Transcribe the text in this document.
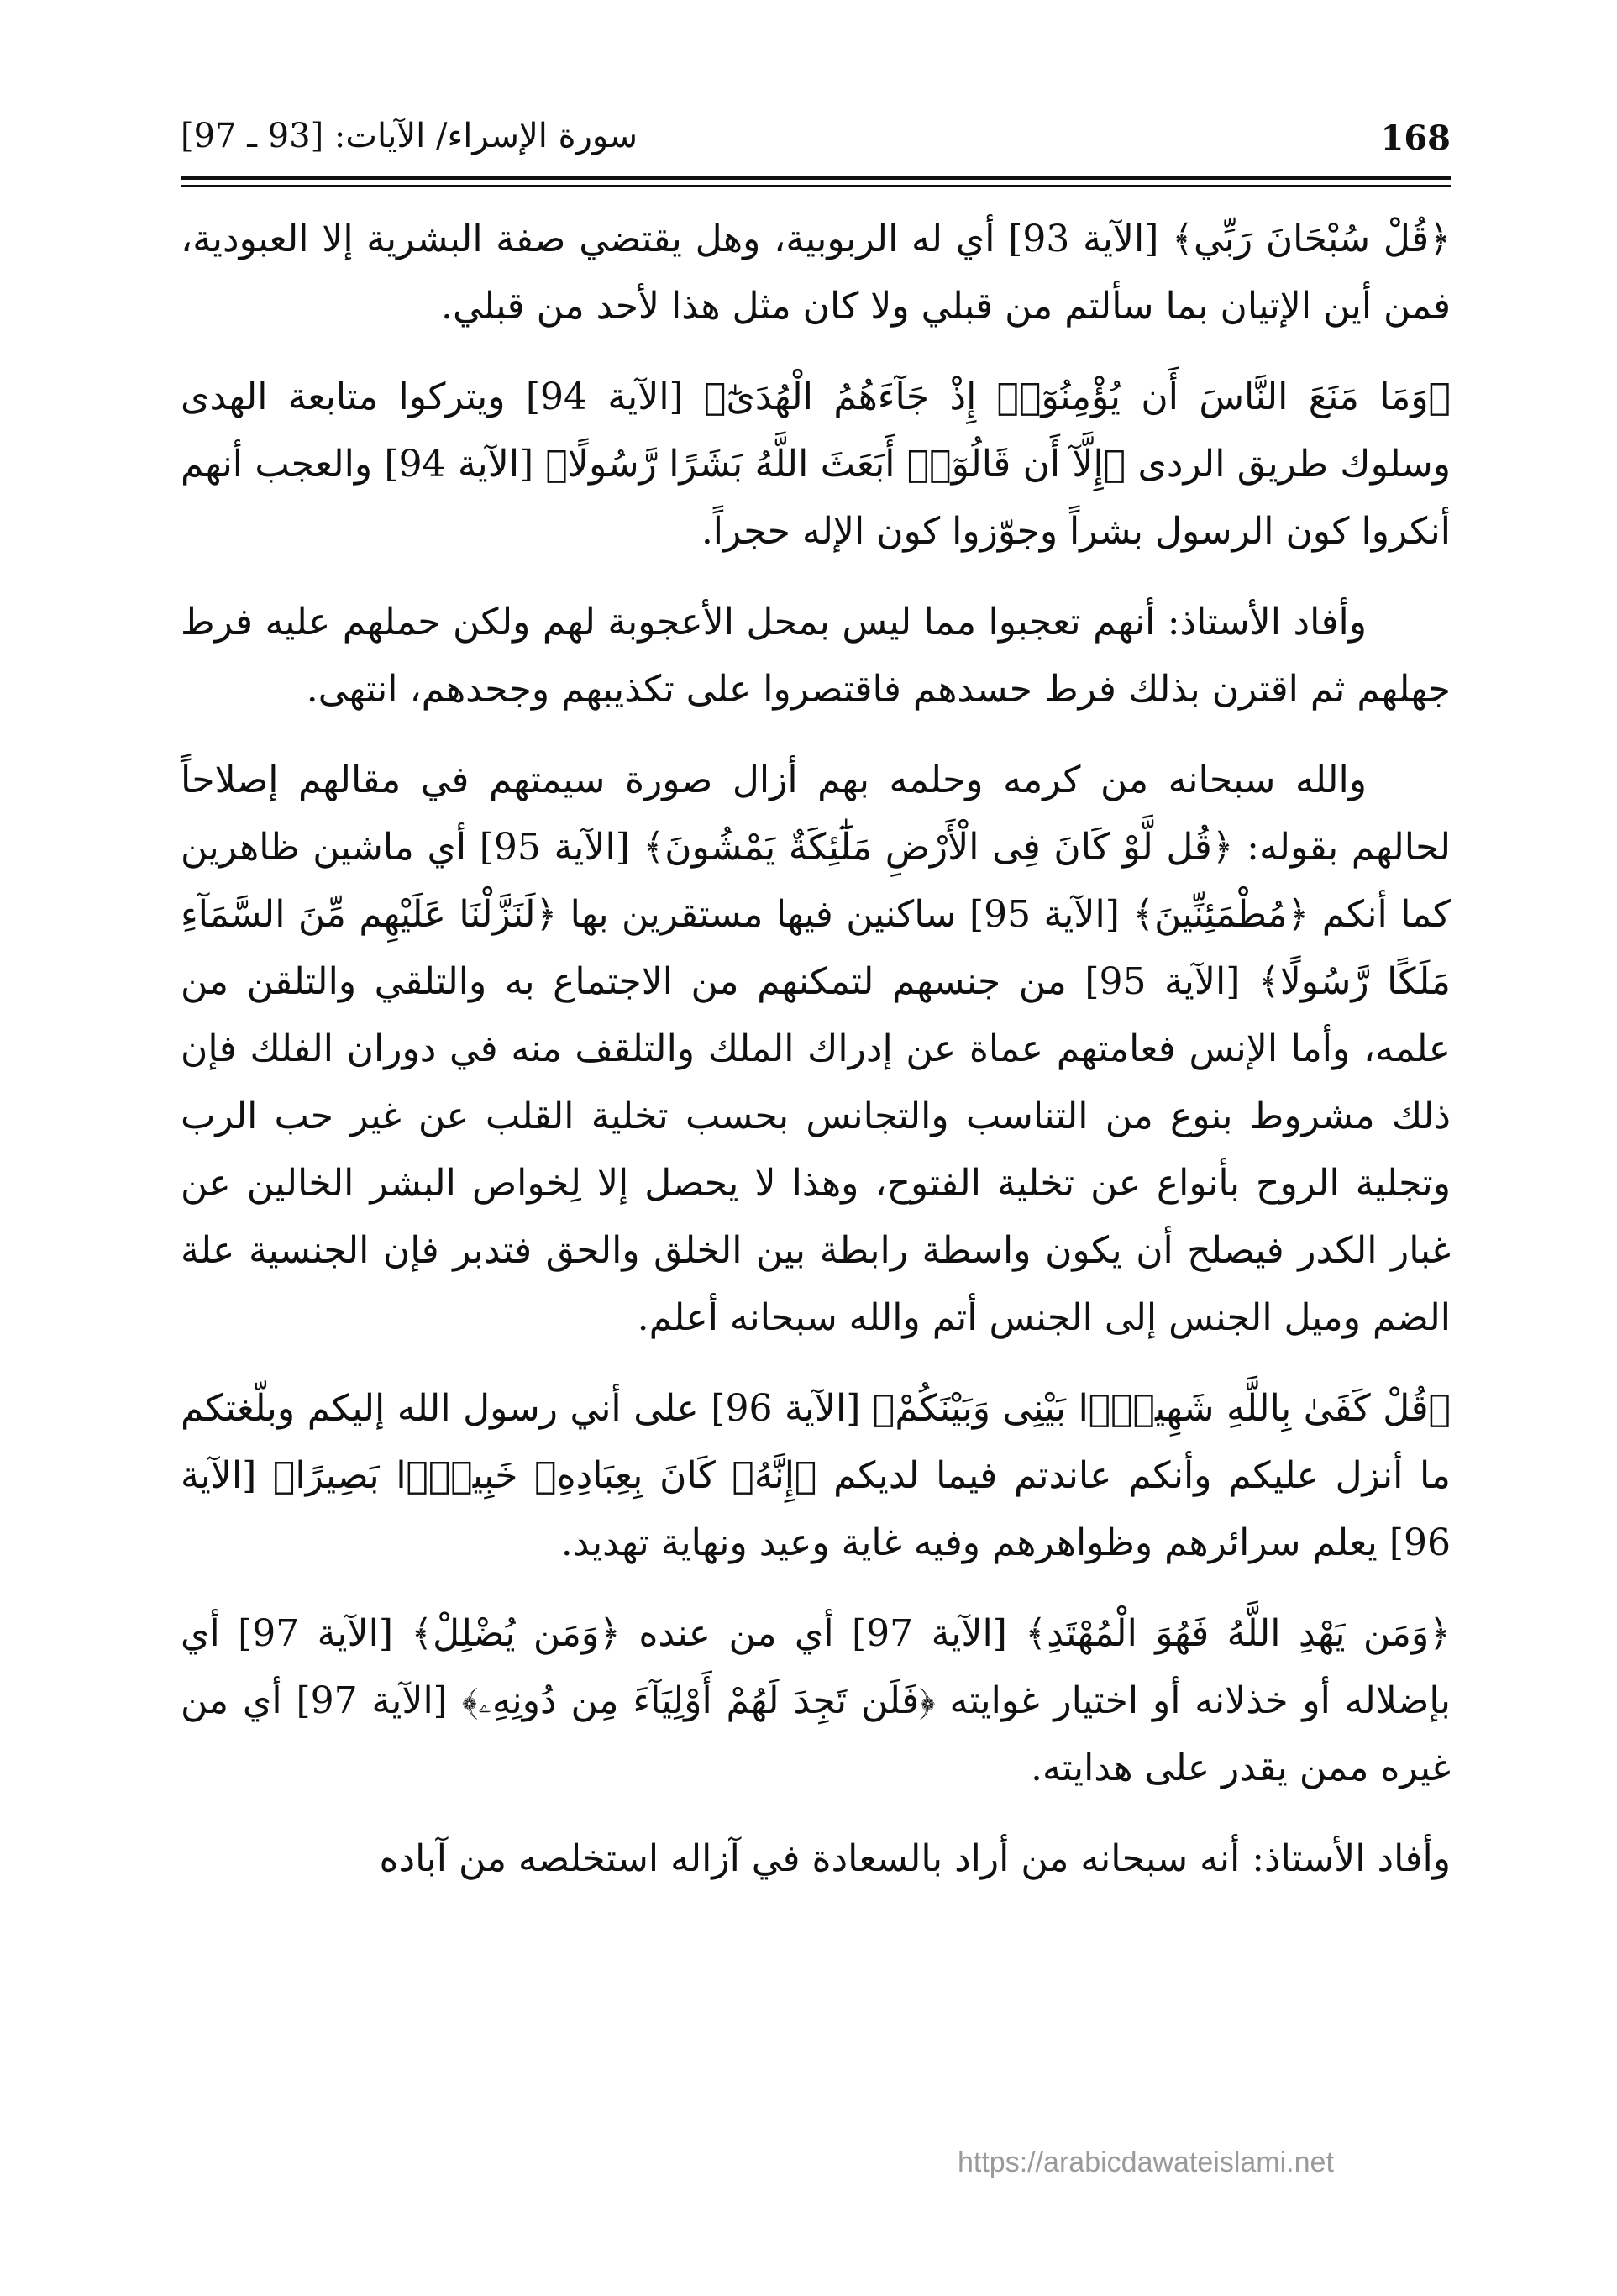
168
سورة الإسراء/ الآيات: [93 ـ 97]

﴿قُلْ سُبْحَانَ رَبِّي﴾ [الآية 93] أي له الربوبية، وهل يقتضي صفة البشرية إلا العبودية، فمن أين الإتيان بما سألتم من قبلي ولا كان مثل هذا لأحد من قبلي.

﴿وَمَا مَنَعَ النَّاسَ أَن يُؤْمِنُوٓا۟ إِذْ جَآءَهُمُ الْهُدَىٰٓ﴾ [الآية 94] ويتركوا متابعة الهدى وسلوك طريق الردى ﴿إِلَّآ أَن قَالُوٓا۟ أَبَعَثَ اللَّهُ بَشَرًا رَّسُولًا﴾ [الآية 94] والعجب أنهم أنكروا كون الرسول بشراً وجوّزوا كون الإله حجراً.

وأفاد الأستاذ: أنهم تعجبوا مما ليس بمحل الأعجوبة لهم ولكن حملهم عليه فرط جهلهم ثم اقترن بذلك فرط حسدهم فاقتصروا على تكذيبهم وجحدهم، انتهى.

والله سبحانه من كرمه وحلمه بهم أزال صورة سيمتهم في مقالهم إصلاحاً لحالهم بقوله: ﴿قُل لَّوْ كَانَ فِى الْأَرْضِ مَلَٰٓئِكَةٌ يَمْشُونَ﴾ [الآية 95] أي ماشين ظاهرين كما أنكم ﴿مُطْمَئِنِّينَ﴾ [الآية 95] ساكنين فيها مستقرين بها ﴿لَنَزَّلْنَا عَلَيْهِم مِّنَ السَّمَآءِ مَلَكًا رَّسُولًا﴾ [الآية 95] من جنسهم لتمكنهم من الاجتماع به والتلقي والتلقن من علمه، وأما الإنس فعامتهم عماة عن إدراك الملك والتلقف منه في دوران الفلك فإن ذلك مشروط بنوع من التناسب والتجانس بحسب تخلية القلب عن غير حب الرب وتجلية الروح بأنواع عن تخلية الفتوح، وهذا لا يحصل إلا لِخواص البشر الخالين عن غبار الكدر فيصلح أن يكون واسطة رابطة بين الخلق والحق فتدبر فإن الجنسية علة الضم وميل الجنس إلى الجنس أتم والله سبحانه أعلم.

﴿قُلْ كَفَىٰ بِاللَّهِ شَهِيدًۢا بَيْنِى وَبَيْنَكُمْ﴾ [الآية 96] على أني رسول الله إليكم وبلّغتكم ما أنزل عليكم وأنكم عاندتم فيما لديكم ﴿إِنَّهُۥ كَانَ بِعِبَادِهِۦ خَبِيرًۢا بَصِيرًا﴾ [الآية 96] يعلم سرائرهم وظواهرهم وفيه غاية وعيد ونهاية تهديد.

﴿وَمَن يَهْدِ اللَّهُ فَهُوَ الْمُهْتَدِ﴾ [الآية 97] أي من عنده ﴿وَمَن يُضْلِلْ﴾ [الآية 97] أي بإضلاله أو خذلانه أو اختيار غوايته ﴿فَلَن تَجِدَ لَهُمْ أَوْلِيَآءَ مِن دُونِهِۦ﴾ [الآية 97] أي من غيره ممن يقدر على هدايته.

وأفاد الأستاذ: أنه سبحانه من أراد بالسعادة في آزاله استخلصه من آباده

https://arabicdawateislami.net
